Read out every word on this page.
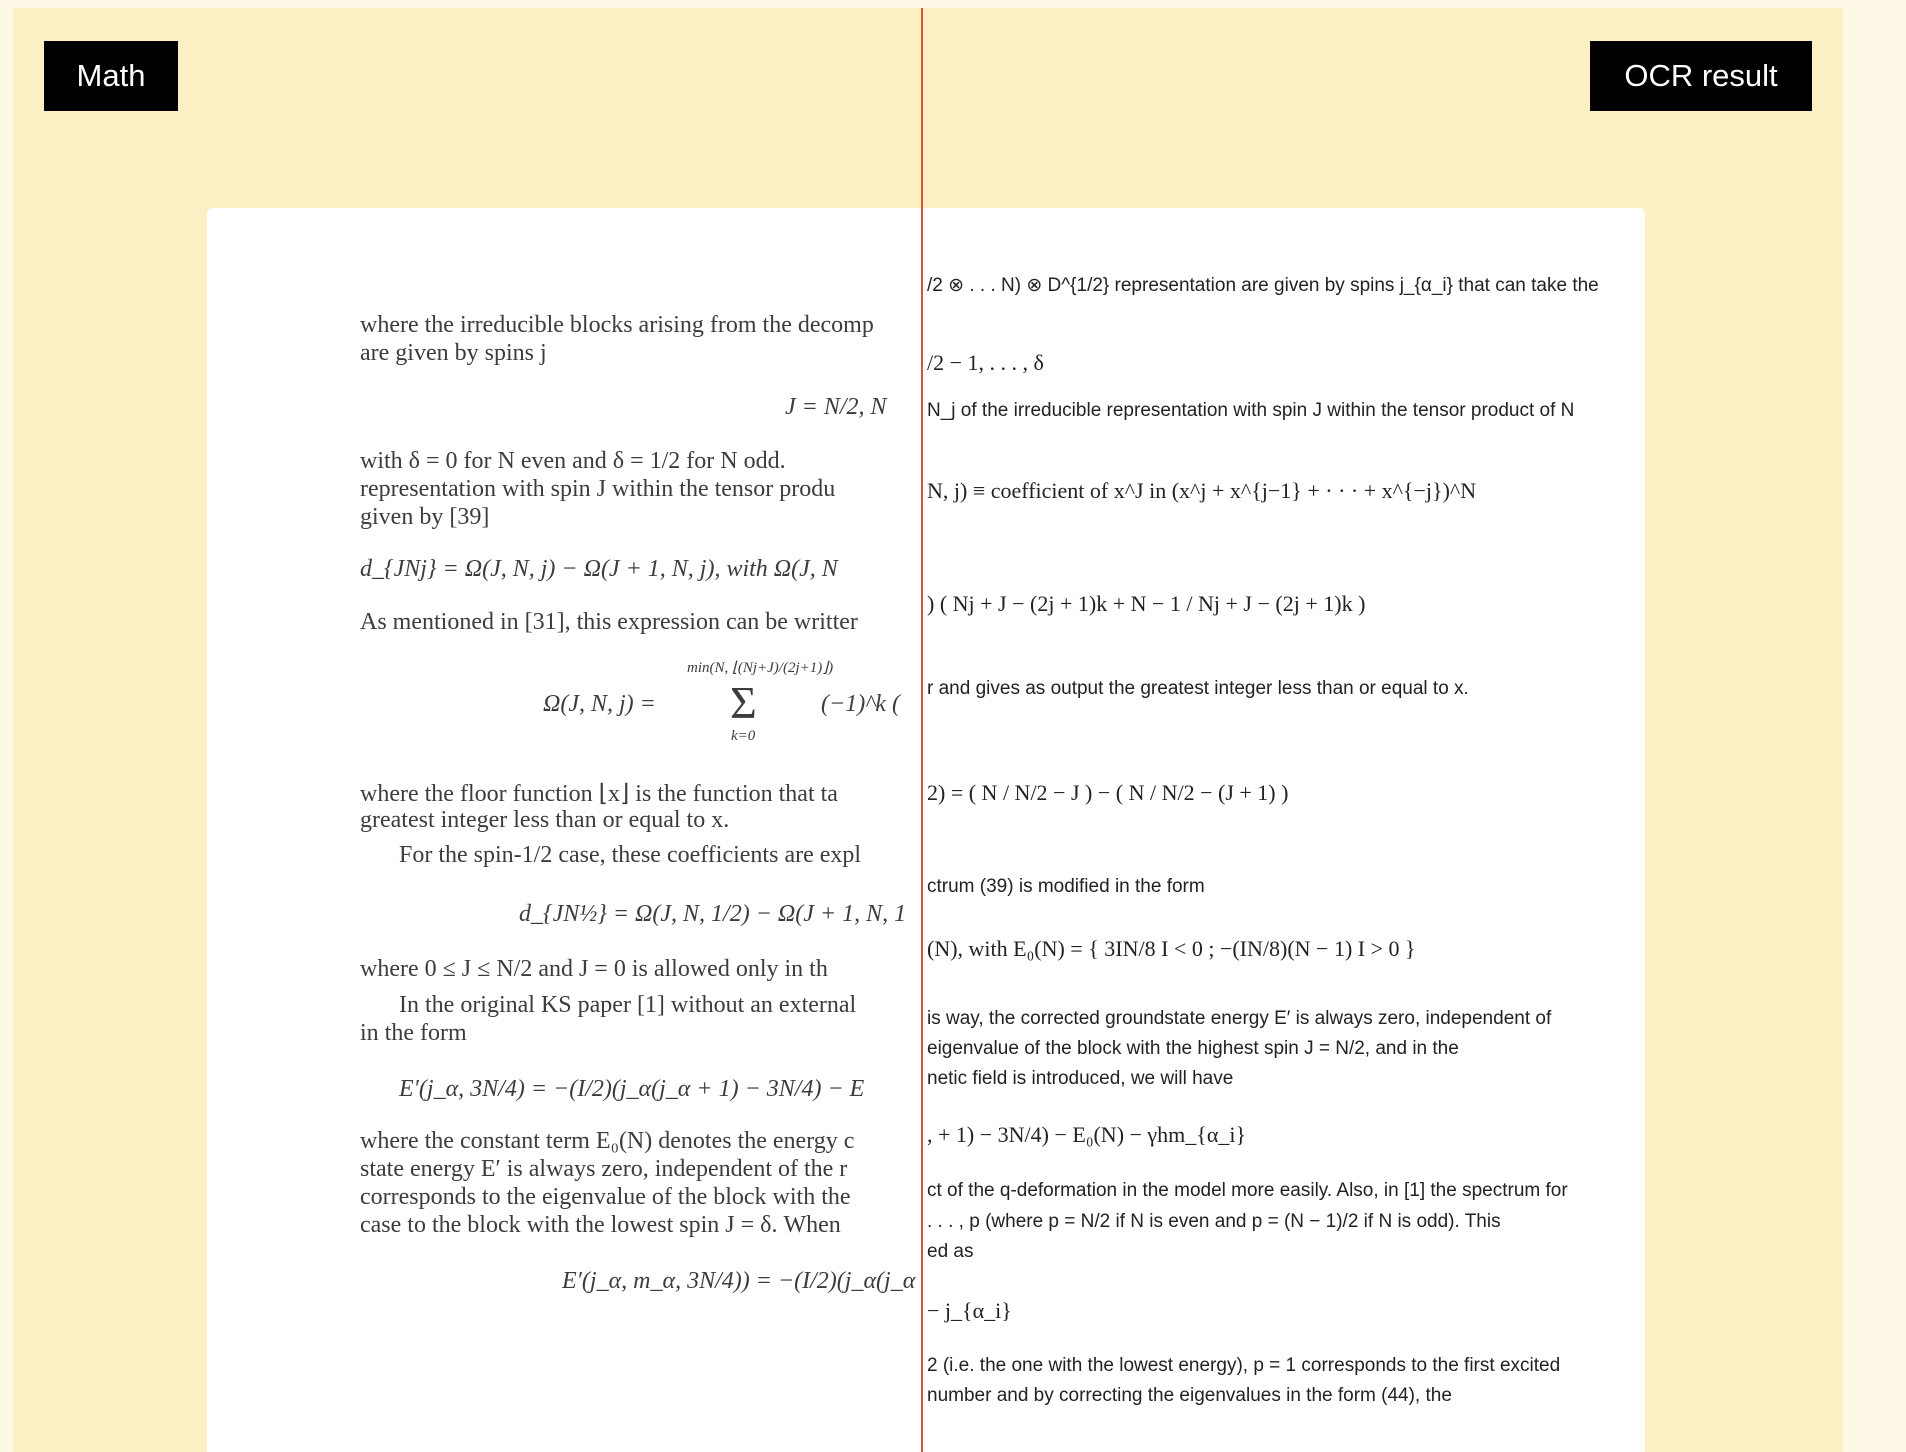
Math	OCR result
where the irreducible blocks arising from the decomp
are given by spins j
J = N/2, N
with δ = 0 for N even and δ = 1/2 for N odd.
representation with spin J within the tensor produ
given by [39]
d_{JNj} = Ω(J, N, j) − Ω(J + 1, N, j), with Ω(J, N
As mentioned in [31], this expression can be writter
min(N, ⌊(Nj+J)/(2j+1)⌋)
Ω(J, N, j) = Σ
k=0
(−1)^k (
where the floor function ⌊x⌋ is the function that ta
greatest integer less than or equal to x.
For the spin-1/2 case, these coefficients are expl
d_{JN½} = Ω(J, N, 1/2) − Ω(J + 1, N, 1
where 0 ≤ J ≤ N/2 and J = 0 is allowed only in th
In the original KS paper [1] without an external
in the form
E′(j_α, 3N/4) = −(I/2)(j_α(j_α + 1) − 3N/4) − E
where the constant term E₀(N) denotes the energy c
state energy E′ is always zero, independent of the r
corresponds to the eigenvalue of the block with the
case to the block with the lowest spin J = δ. When
E′(j_α, m_α, 3N/4)) = −(I/2)(j_α(j_α
/2 ⊗ . . . N) ⊗ D^{1/2} representation are given by spins j_{α_i} that can take the
/2 − 1, . . . , δ
N_j of the irreducible representation with spin J within the tensor product of N
N, j) ≡ coefficient of x^J in (x^j + x^{j−1} + · · · + x^{−j})^N
) ( Nj + J − (2j + 1)k + N − 1 / Nj + J − (2j + 1)k )
r and gives as output the greatest integer less than or equal to x.
2) = ( N / N/2 − J ) − ( N / N/2 − (J + 1) )
ctrum (39) is modified in the form
(N), with E₀(N) = { 3IN/8 I < 0 ; −(IN/8)(N − 1) I > 0 }
is way, the corrected groundstate energy E′ is always zero, independent of
eigenvalue of the block with the highest spin J = N/2, and in the
netic field is introduced, we will have
, + 1) − 3N/4) − E₀(N) − γhm_{α_i}
ct of the q-deformation in the model more easily. Also, in [1] the spectrum for
. . . , p (where p = N/2 if N is even and p = (N − 1)/2 if N is odd). This
ed as
− j_{α_i}
2 (i.e. the one with the lowest energy), p = 1 corresponds to the first excited
number and by correcting the eigenvalues in the form (44), the
